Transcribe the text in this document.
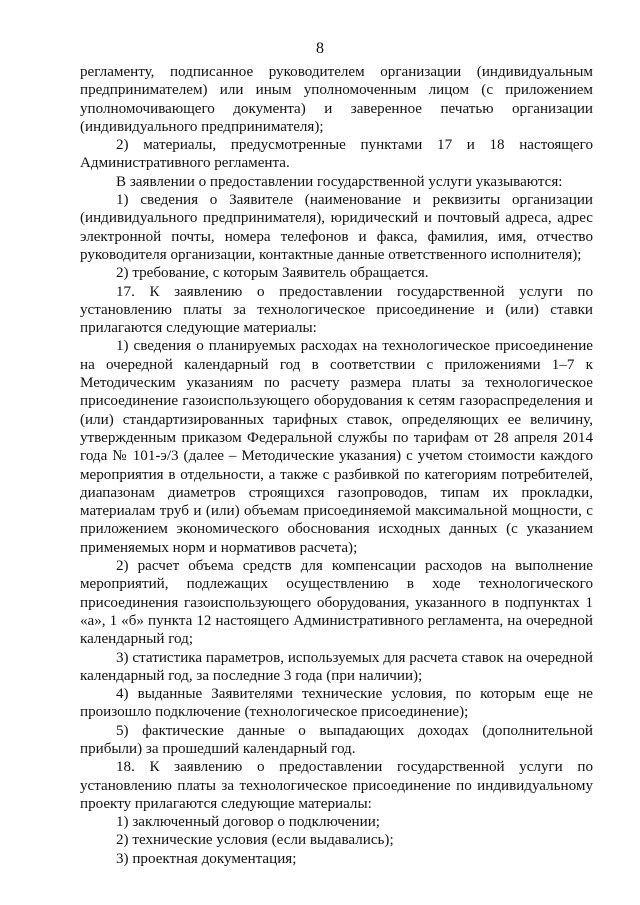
8

регламенту, подписанное руководителем организации (индивидуальным предпринимателем) или иным уполномоченным лицом (с приложением уполномочивающего документа) и заверенное печатью организации (индивидуального предпринимателя);

2) материалы, предусмотренные пунктами 17 и 18 настоящего Административного регламента.

В заявлении о предоставлении государственной услуги указываются:

1) сведения о Заявителе (наименование и реквизиты организации (индивидуального предпринимателя), юридический и почтовый адреса, адрес электронной почты, номера телефонов и факса, фамилия, имя, отчество руководителя организации, контактные данные ответственного исполнителя);

2) требование, с которым Заявитель обращается.

17. К заявлению о предоставлении государственной услуги по установлению платы за технологическое присоединение и (или) ставки прилагаются следующие материалы:

1) сведения о планируемых расходах на технологическое присоединение на очередной календарный год в соответствии с приложениями 1–7 к Методическим указаниям по расчету размера платы за технологическое присоединение газоиспользующего оборудования к сетям газораспределения и (или) стандартизированных тарифных ставок, определяющих ее величину, утвержденным приказом Федеральной службы по тарифам от 28 апреля 2014 года № 101-э/3 (далее – Методические указания) с учетом стоимости каждого мероприятия в отдельности, а также с разбивкой по категориям потребителей, диапазонам диаметров строящихся газопроводов, типам их прокладки, материалам труб и (или) объемам присоединяемой максимальной мощности, с приложением экономического обоснования исходных данных (с указанием применяемых норм и нормативов расчета);

2) расчет объема средств для компенсации расходов на выполнение мероприятий, подлежащих осуществлению в ходе технологического присоединения газоиспользующего оборудования, указанного в подпунктах 1 «а», 1 «б» пункта 12 настоящего Административного регламента, на очередной календарный год;

3) статистика параметров, используемых для расчета ставок на очередной календарный год, за последние 3 года (при наличии);

4) выданные Заявителями технические условия, по которым еще не произошло подключение (технологическое присоединение);

5) фактические данные о выпадающих доходах (дополнительной прибыли) за прошедший календарный год.

18. К заявлению о предоставлении государственной услуги по установлению платы за технологическое присоединение по индивидуальному проекту прилагаются следующие материалы:

1) заключенный договор о подключении;

2) технические условия (если выдавались);

3) проектная документация;
